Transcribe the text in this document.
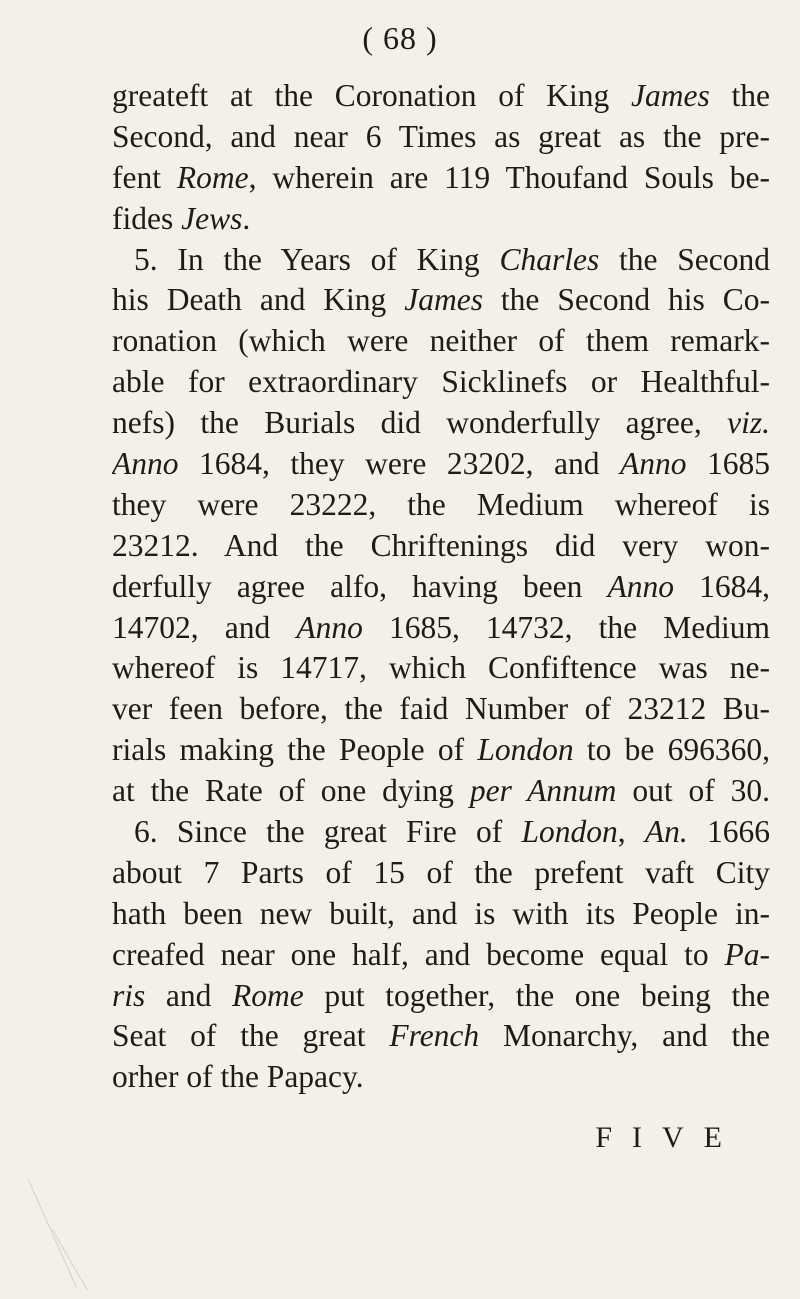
( 68 )
greateft at the Coronation of King James the
Second, and near 6 Times as great as the pre-
fent Rome, wherein are 119 Thoufand Souls be-
fides Jews.
5. In the Years of King Charles the Second
his Death and King James the Second his Co-
ronation (which were neither of them remark-
able for extraordinary Sicklinefs or Healthful-
nefs) the Burials did wonderfully agree, viz.
Anno 1684, they were 23202, and Anno 1685
they were 23222, the Medium whereof is
23212. And the Chriftenings did very won-
derfully agree alfo, having been Anno 1684,
14702, and Anno 1685, 14732, the Medium
whereof is 14717, which Confiftence was ne-
ver feen before, the faid Number of 23212 Bu-
rials making the People of London to be 696360,
at the Rate of one dying per Annum out of 30.
6. Since the great Fire of London, An. 1666
about 7 Parts of 15 of the prefent vaft City
hath been new built, and is with its People in-
creafed near one half, and become equal to Pa-
ris and Rome put together, the one being the
Seat of the great French Monarchy, and the
orher of the Papacy.
FIVE
